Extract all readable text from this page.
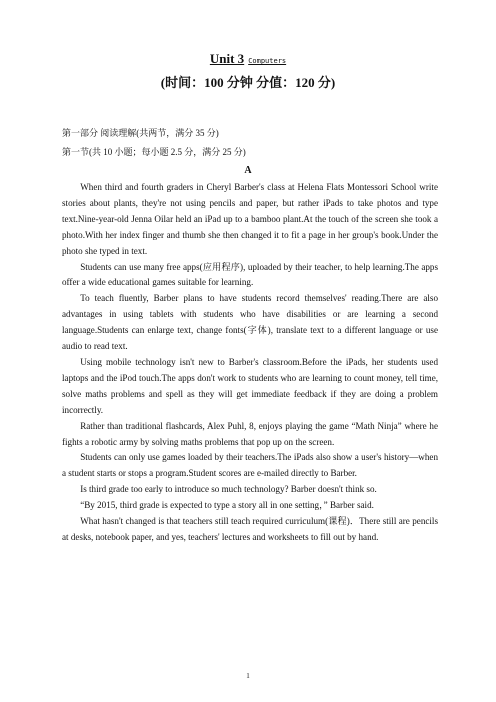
Unit 3 Computers
(时间：100 分钟 分值：120 分)
第一部分 阅读理解(共两节，满分 35 分)
第一节(共 10 小题；每小题 2.5 分，满分 25 分)
A

When third and fourth graders in Cheryl Barber's class at Helena Flats Montessori School write stories about plants, they're not using pencils and paper, but rather iPads to take photos and type text.Nine-year-old Jenna Oilar held an iPad up to a bamboo plant.At the touch of the screen she took a photo.With her index finger and thumb she then changed it to fit a page in her group's book.Under the photo she typed in text.

Students can use many free apps(应用程序), uploaded by their teacher, to help learning.The apps offer a wide educational games suitable for learning.

To teach fluently, Barber plans to have students record themselves' reading.There are also advantages in using tablets with students who have disabilities or are learning a second language.Students can enlarge text, change fonts(字体), translate text to a different language or use audio to read text.

Using mobile technology isn't new to Barber's classroom.Before the iPads, her students used laptops and the iPod touch.The apps don't work to students who are learning to count money, tell time, solve maths problems and spell as they will get immediate feedback if they are doing a problem incorrectly.

Rather than traditional flashcards, Alex Puhl, 8, enjoys playing the game “Math Ninja” where he fights a robotic army by solving maths problems that pop up on the screen.

Students can only use games loaded by their teachers.The iPads also show a user's history—when a student starts or stops a program.Student scores are e-mailed directly to Barber.

Is third grade too early to introduce so much technology? Barber doesn't think so.

“By 2015, third grade is expected to type a story all in one setting，” Barber said.

What hasn't changed is that teachers still teach required curriculum(课程)．There still are pencils at desks, notebook paper, and yes, teachers' lectures and worksheets to fill out by hand.

1
